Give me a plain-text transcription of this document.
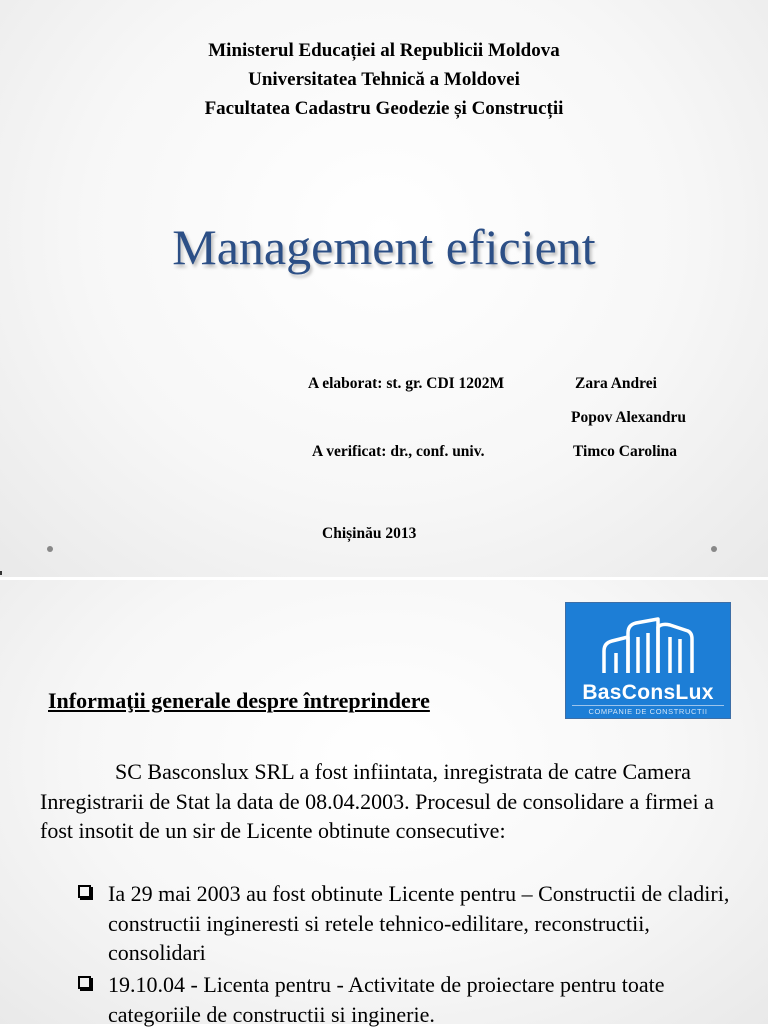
Ministerul Educației al Republicii Moldova
Universitatea Tehnică a Moldovei
Facultatea Cadastru Geodezie și Construcții
Management eficient
A elaborat: st. gr. CDI 1202M	Zara Andrei
Popov Alexandru
A verificat: dr., conf. univ.	Timco Carolina
Chișinău 2013
BasConsLux
COMPANIE DE CONSTRUCTII
Informaţii generale despre întreprindere

SC Basconslux SRL a fost infiintata, inregistrata de catre Camera Inregistrarii de Stat la data de 08.04.2003. Procesul de consolidare a firmei a fost insotit de un sir de Licente obtinute consecutive:

Ia 29 mai 2003 au fost obtinute Licente pentru – Constructii de cladiri, constructii ingineresti si retele tehnico-edilitare, reconstructii, consolidari
19.10.04 - Licenta pentru - Activitate de proiectare pentru toate categoriile de constructii si inginerie.
